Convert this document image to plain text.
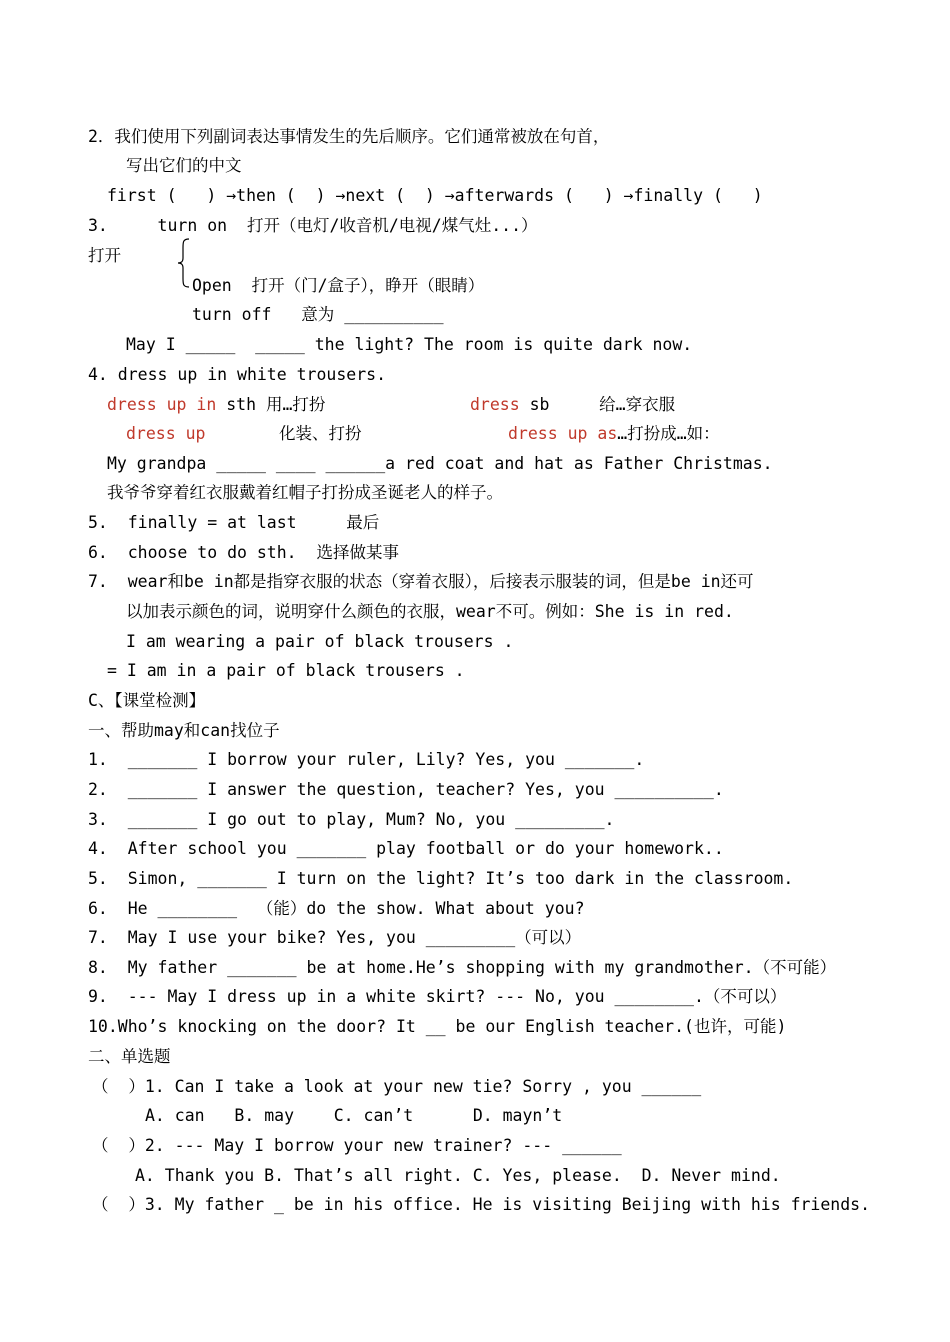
2．我们使用下列副词表达事情发生的先后顺序。它们通常被放在句首，
写出它们的中文
first (   ) →then (  ) →next (  ) →afterwards (   ) →finally (   )
3.     turn on  打开（电灯/收音机/电视/煤气灶...）
打开
Open  打开（门/盒子），睁开（眼睛）
turn off   意为 __________
May I _____  _____ the light? The room is quite dark now.
4. dress up in white trousers.
dress up in sth 用…打扮	dress sb     给…穿衣服
dress up	化装、打扮	dress up as…打扮成…如：
My grandpa _____ ____ ______a red coat and hat as Father Christmas.
我爷爷穿着红衣服戴着红帽子打扮成圣诞老人的样子。
5.  finally = at last     最后
6.  choose to do sth.  选择做某事
7.  wear和be in都是指穿衣服的状态（穿着衣服），后接表示服装的词，但是be in还可
以加表示颜色的词，说明穿什么颜色的衣服，wear不可。例如：She is in red.
I am wearing a pair of black trousers .
= I am in a pair of black trousers .
C、【课堂检测】
一、帮助may和can找位子
1.  _______ I borrow your ruler, Lily? Yes, you _______.
2.  _______ I answer the question, teacher? Yes, you __________.
3.  _______ I go out to play, Mum? No, you _________.
4.  After school you _______ play football or do your homework..
5.  Simon, _______ I turn on the light? It’s too dark in the classroom.
6.  He ________  （能）do the show. What about you?
7.  May I use your bike? Yes, you _________（可以）
8.  My father _______ be at home.He’s shopping with my grandmother.（不可能）
9.  --- May I dress up in a white skirt? --- No, you ________.（不可以）
10.Who’s knocking on the door? It __ be our English teacher.(也许，可能)
二、单选题
（  ）1. Can I take a look at your new tie? Sorry , you ______
A. can   B. may    C. can’t      D. mayn’t
（  ）2. --- May I borrow your new trainer? --- ______
A. Thank you B. That’s all right. C. Yes, please.  D. Never mind.
（  ）3. My father _ be in his office. He is visiting Beijing with his friends.
